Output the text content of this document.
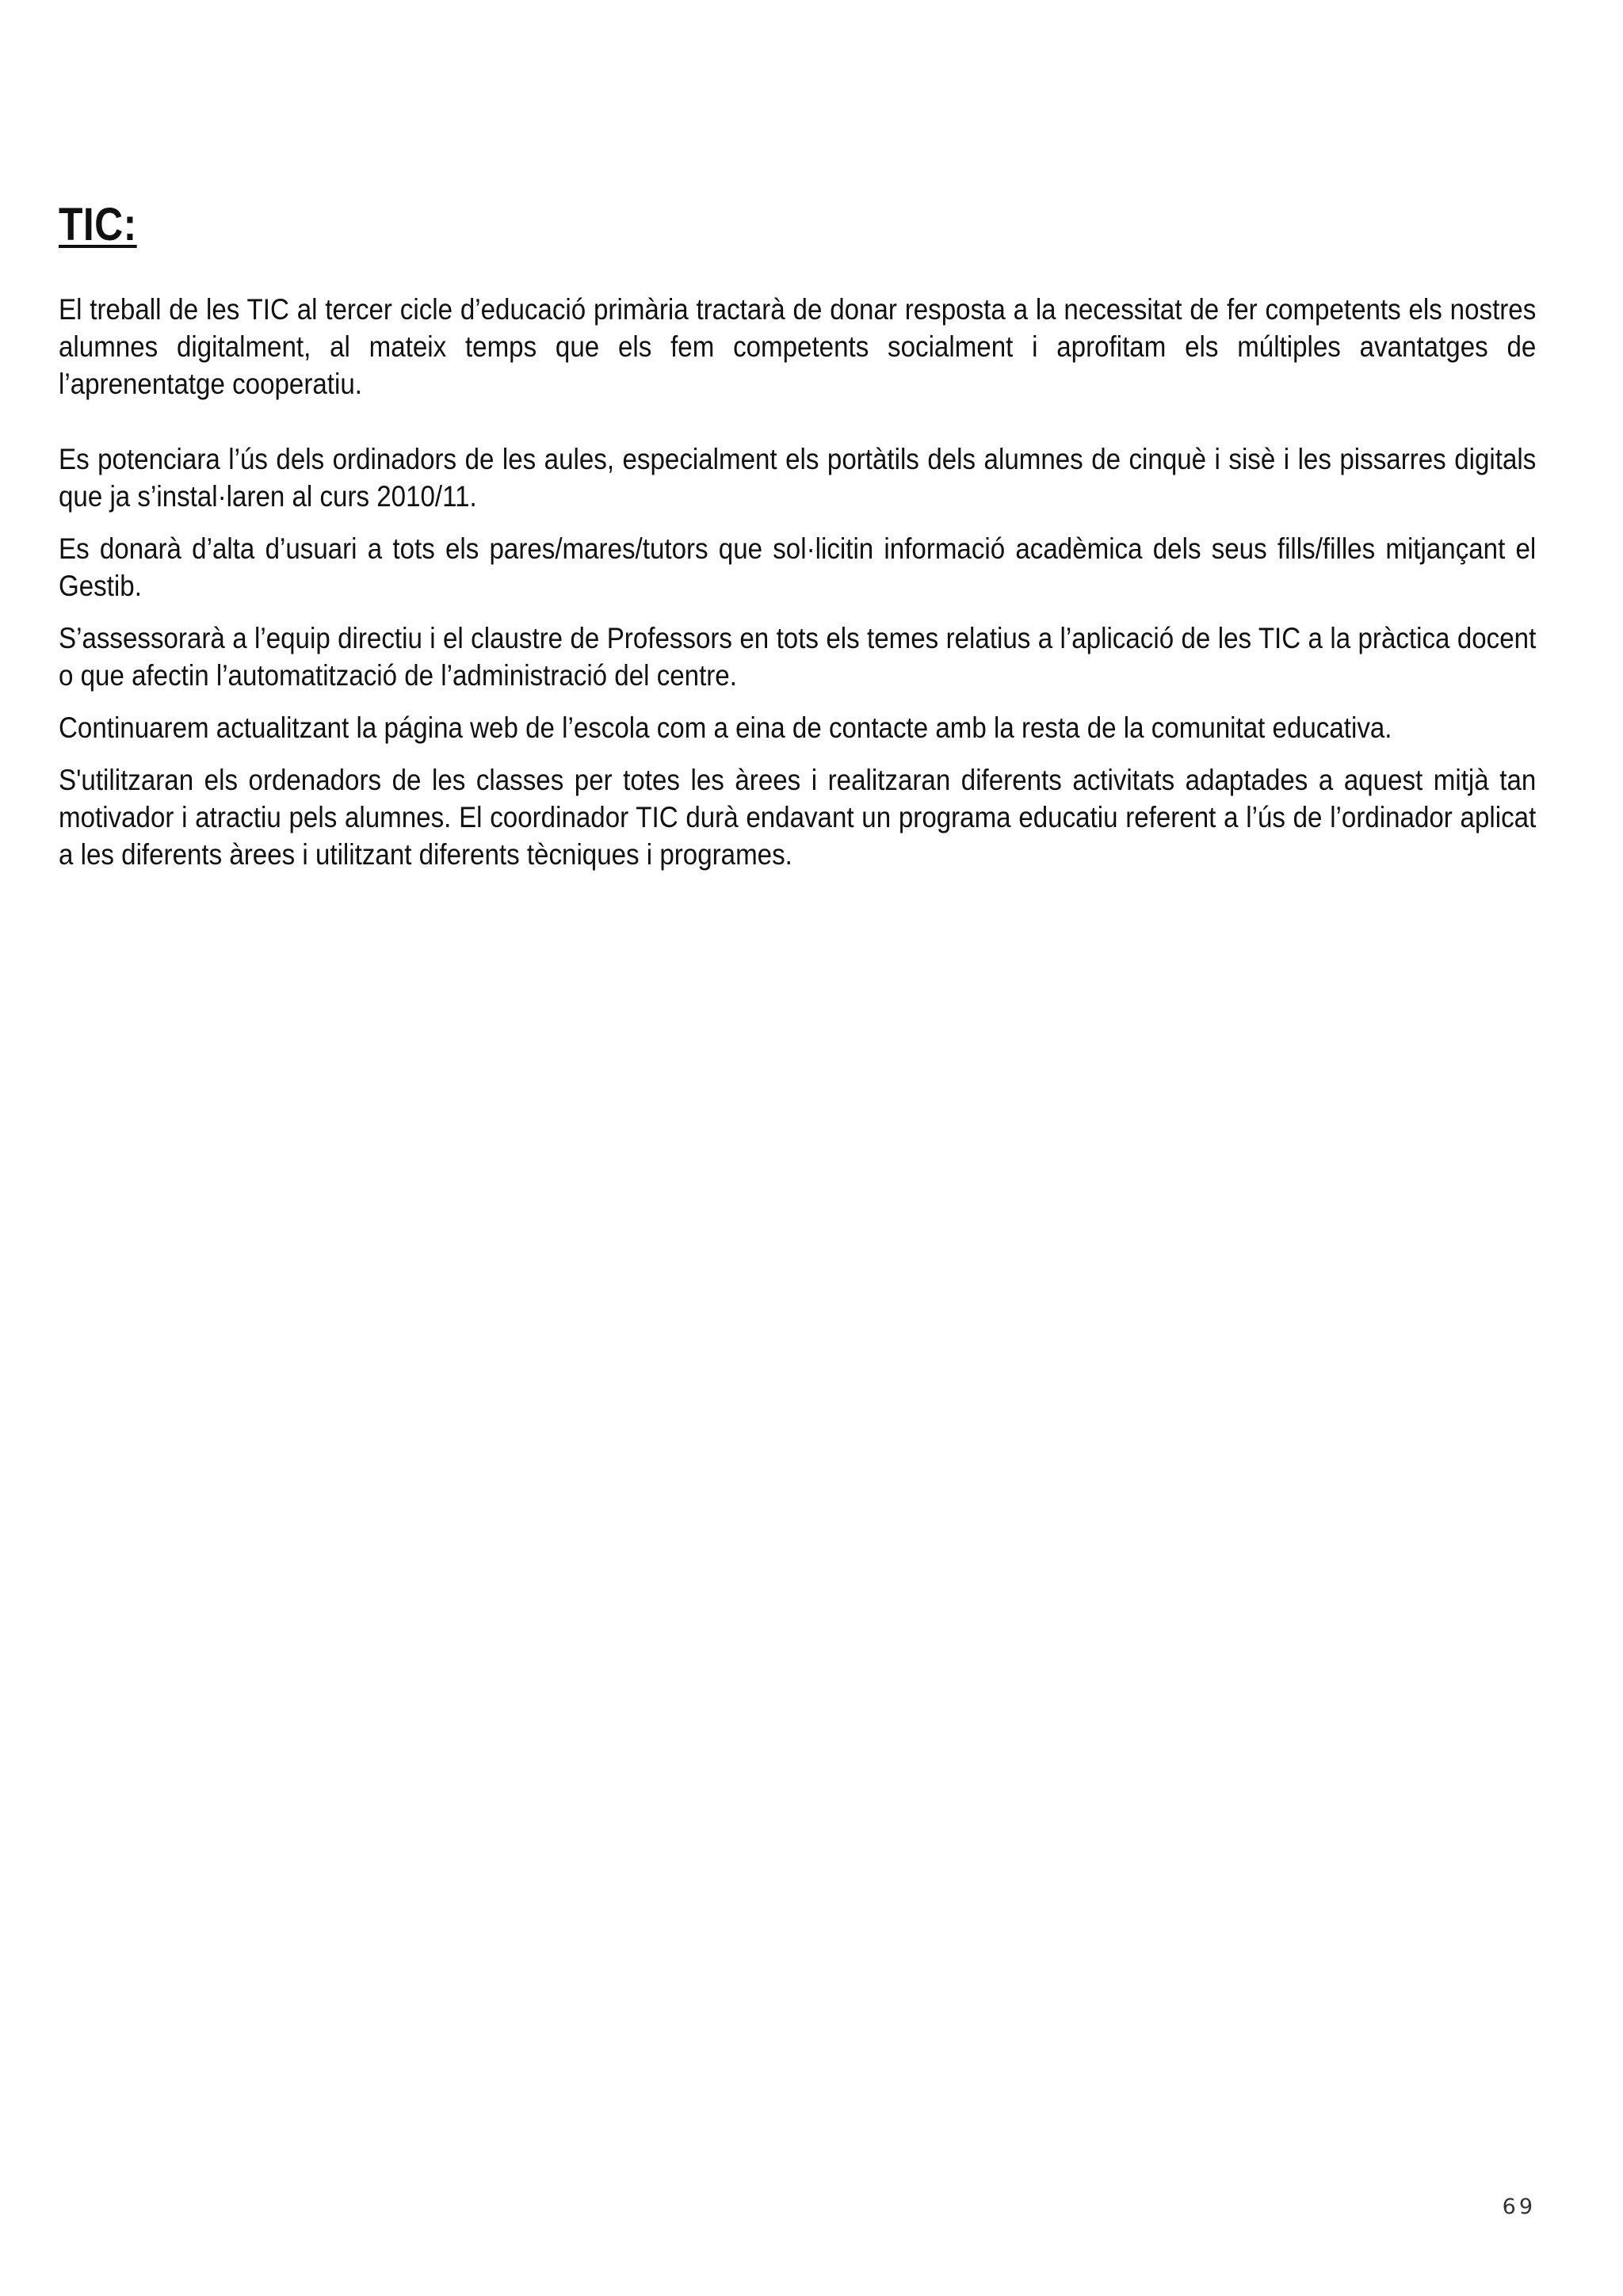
TIC:

El treball de les TIC al tercer cicle d’educació primària tractarà de donar resposta a la necessitat de fer competents els nostres alumnes digitalment, al mateix temps que els fem competents socialment i aprofitam els múltiples avantatges de l’aprenentatge cooperatiu.

Es potenciara l’ús dels ordinadors de les aules, especialment els portàtils dels alumnes de cinquè i sisè i les pissarres digitals que ja s’instal·laren al curs 2010/11.

Es donarà d’alta d’usuari a tots els pares/mares/tutors que sol·licitin informació acadèmica dels seus fills/filles mitjançant el Gestib.

S’assessorarà a l’equip directiu i el claustre de Professors en tots els temes relatius a l’aplicació de les TIC a la pràctica docent o que afectin l’automatització de l’administració del centre.

Continuarem actualitzant la página web de l’escola com a eina de contacte amb la resta de la comunitat educativa.

S'utilitzaran els ordenadors de les classes per totes les àrees i realitzaran diferents activitats adaptades a aquest mitjà tan motivador i atractiu pels alumnes. El coordinador TIC durà endavant un programa educatiu referent a l’ús de l’ordinador aplicat a les diferents àrees i utilitzant diferents tècniques i programes.

69
